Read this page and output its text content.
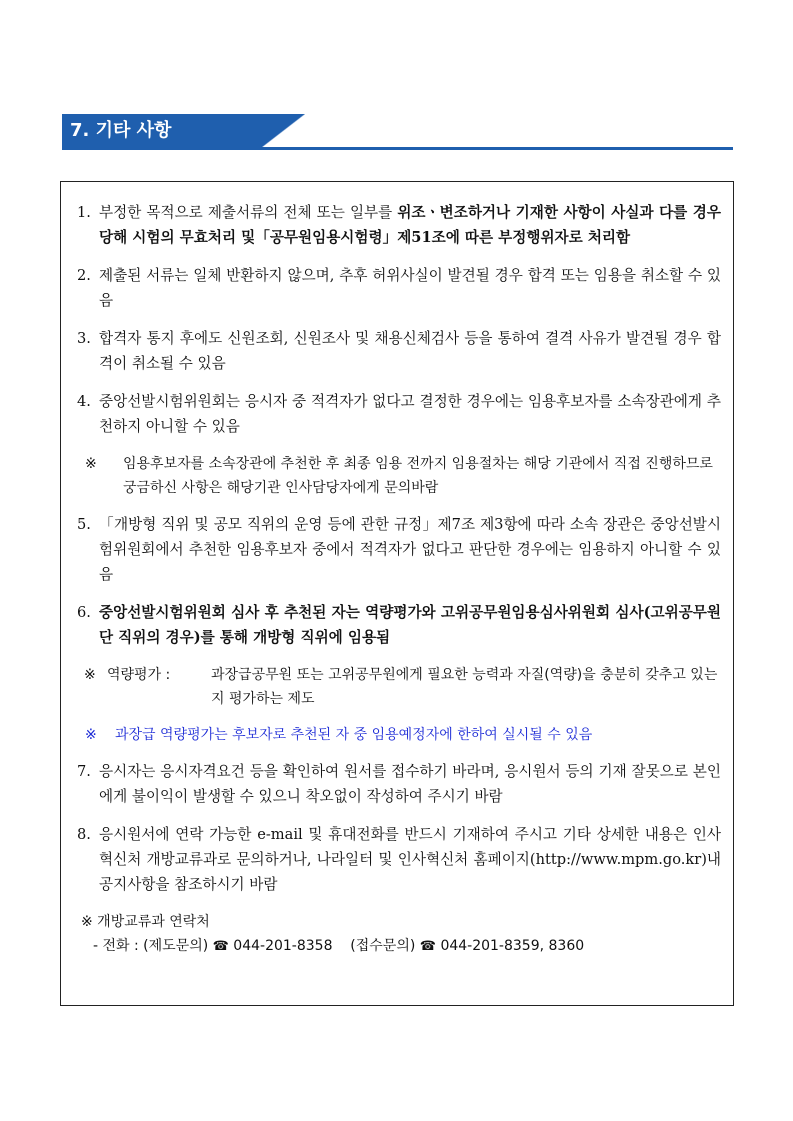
7. 기타 사항
1. 부정한 목적으로 제출서류의 전체 또는 일부를 위조ㆍ변조하거나 기재한 사항이 사실과 다를 경우 당해 시험의 무효처리 및「공무원임용시험령」제51조에 따른 부정행위자로 처리함
2. 제출된 서류는 일체 반환하지 않으며, 추후 허위사실이 발견될 경우 합격 또는 임용을 취소할 수 있음
3. 합격자 통지 후에도 신원조회, 신원조사 및 채용신체검사 등을 통하여 결격 사유가 발견될 경우 합격이 취소될 수 있음
4. 중앙선발시험위원회는 응시자 중 적격자가 없다고 결정한 경우에는 임용후보자를 소속장관에게 추천하지 아니할 수 있음
※ 임용후보자를 소속장관에 추천한 후 최종 임용 전까지 임용절차는 해당 기관에서 직접 진행하므로 궁금하신 사항은 해당기관 인사담당자에게 문의바람
5. 「개방형 직위 및 공모 직위의 운영 등에 관한 규정」제7조 제3항에 따라 소속 장관은 중앙선발시험위원회에서 추천한 임용후보자 중에서 적격자가 없다고 판단한 경우에는 임용하지 아니할 수 있음
6. 중앙선발시험위원회 심사 후 추천된 자는 역량평가와 고위공무원임용심사위원회 심사(고위공무원단 직위의 경우)를 통해 개방형 직위에 임용됨
※ 역량평가 :	과장급공무원 또는 고위공무원에게 필요한 능력과 자질(역량)을 충분히 갖추고 있는지 평가하는 제도
※ 과장급 역량평가는 후보자로 추천된 자 중 임용예정자에 한하여 실시될 수 있음
7. 응시자는 응시자격요건 등을 확인하여 원서를 접수하기 바라며, 응시원서 등의 기재 잘못으로 본인에게 불이익이 발생할 수 있으니 착오없이 작성하여 주시기 바람
8. 응시원서에 연락 가능한 e-mail 및 휴대전화를 반드시 기재하여 주시고 기타 상세한 내용은 인사혁신처 개방교류과로 문의하거나, 나라일터 및 인사혁신처 홈페이지(http://www.mpm.go.kr)내 공지사항을 참조하시기 바람
※ 개방교류과 연락처
- 전화 : (제도문의) ☎ 044-201-8358 (접수문의) ☎ 044-201-8359, 8360
